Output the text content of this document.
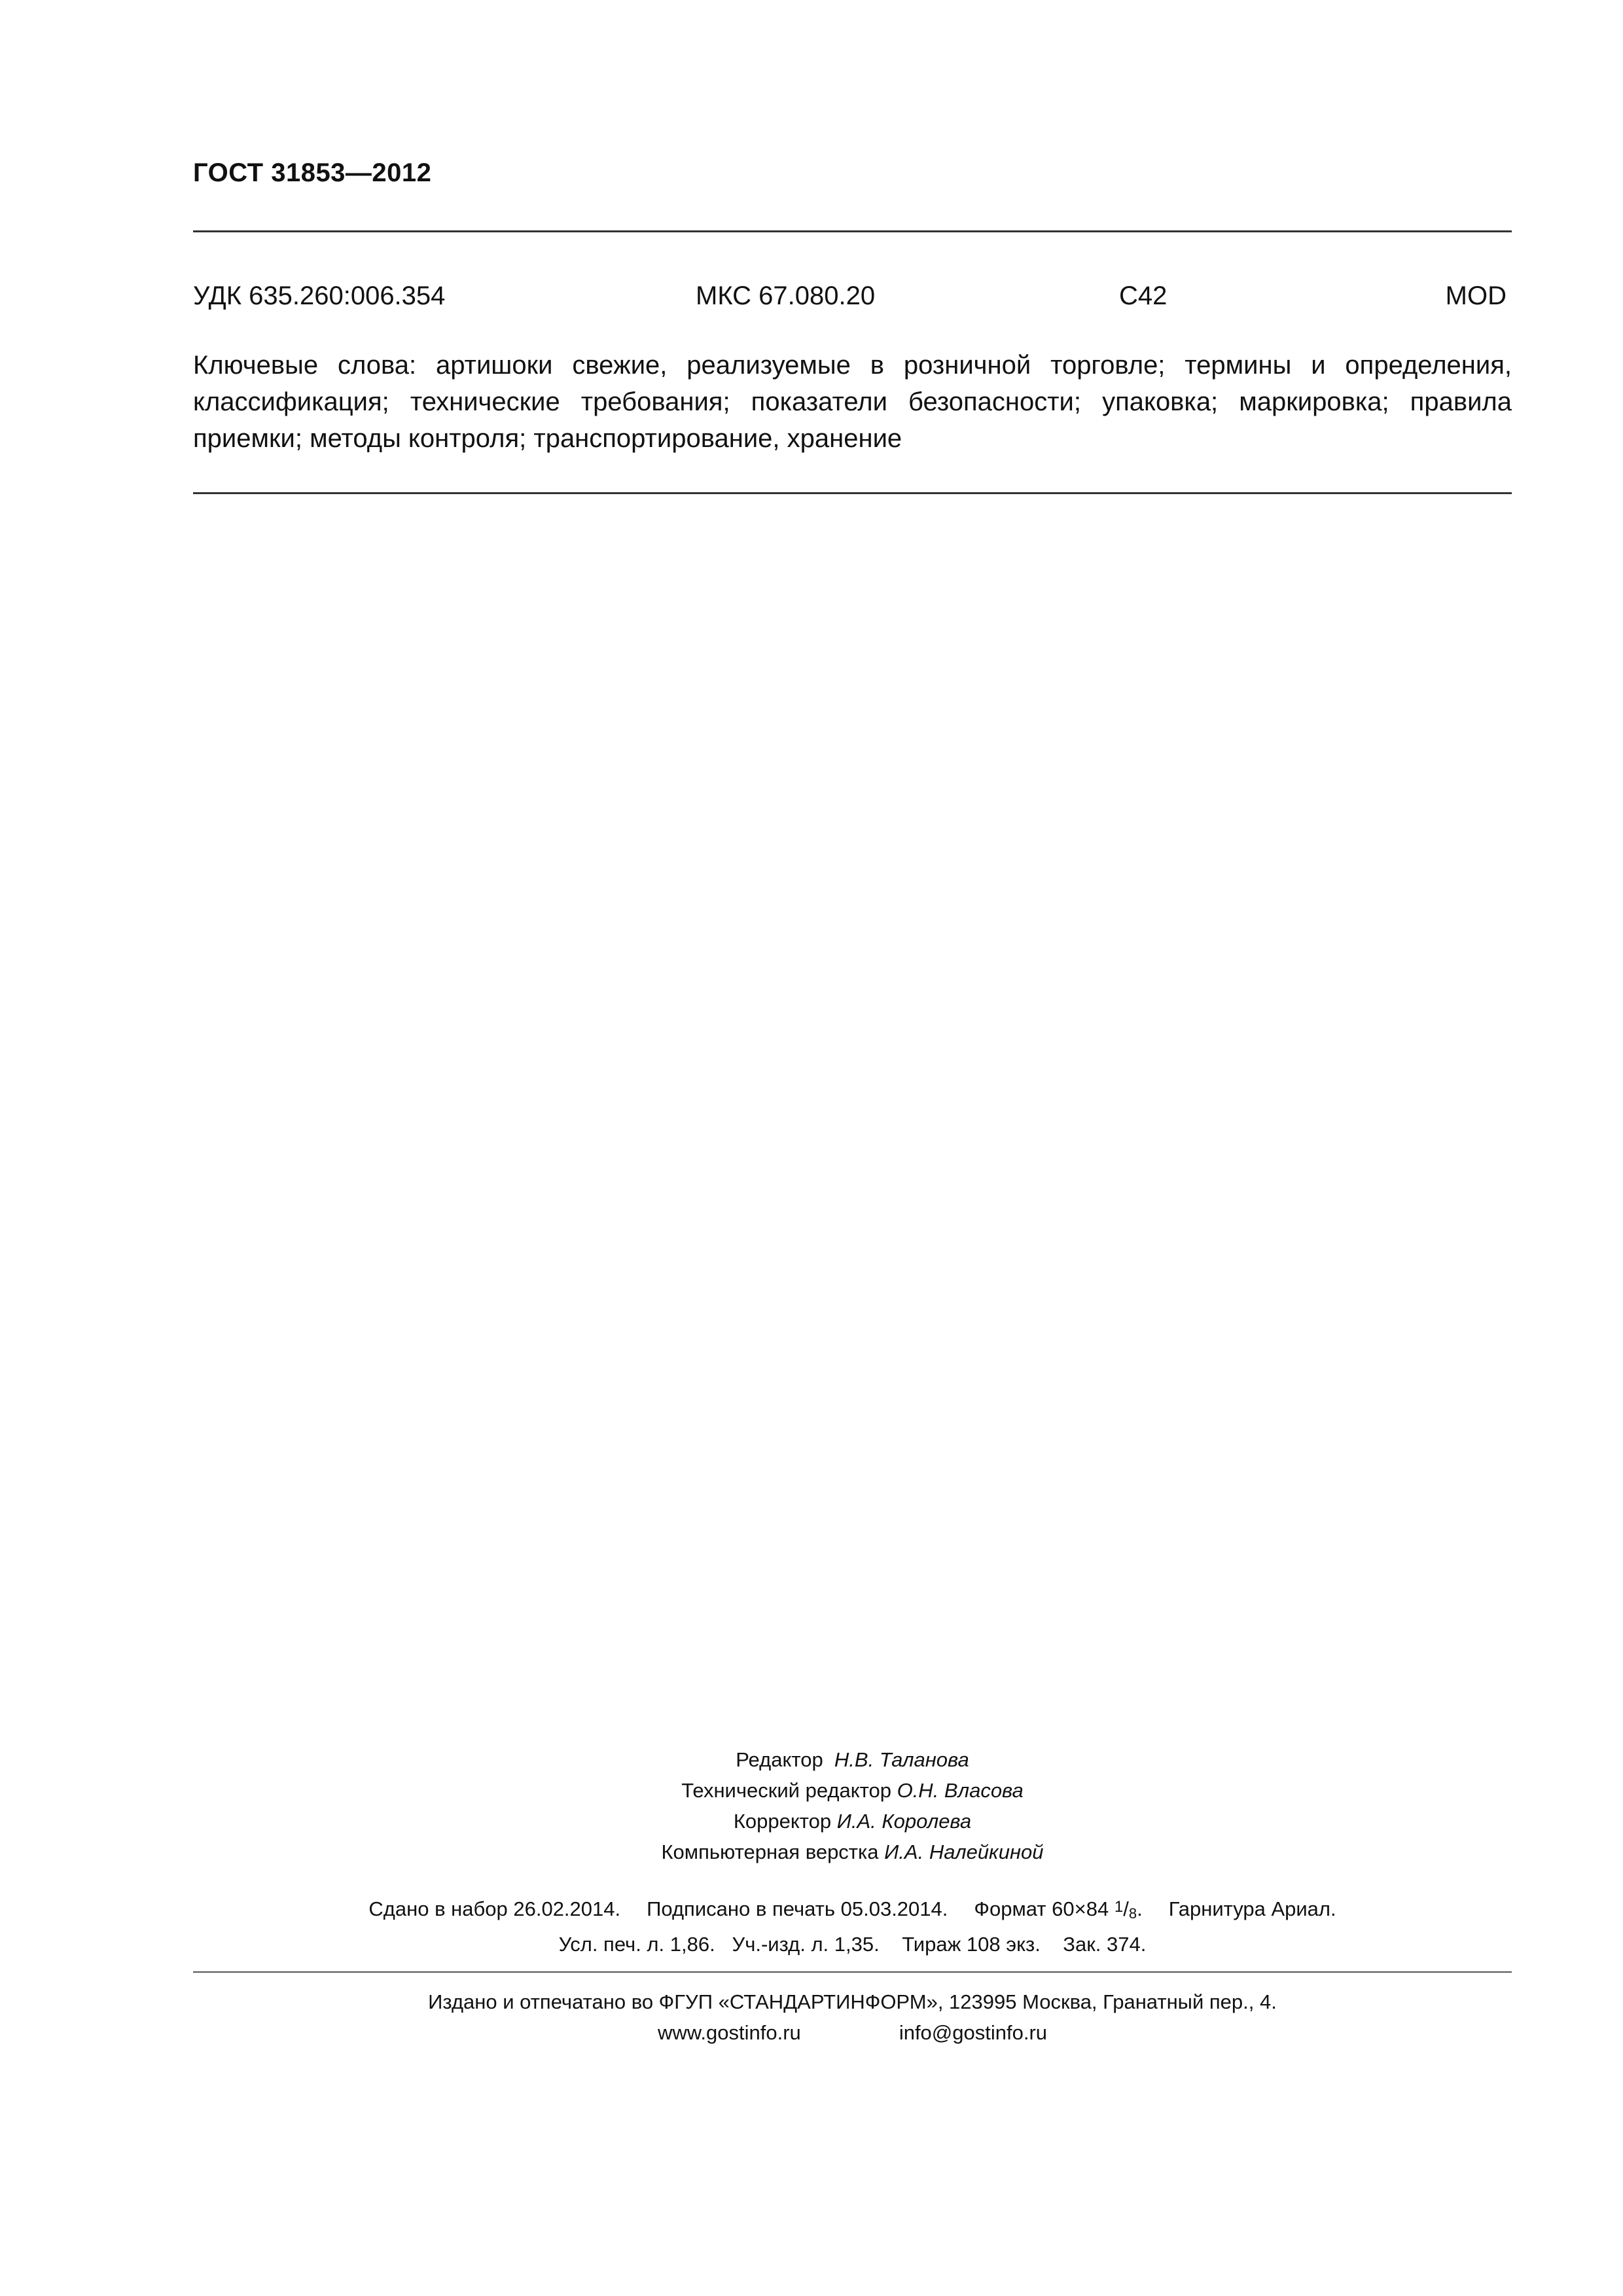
ГОСТ 31853—2012
УДК 635.260:006.354	МКС 67.080.20	С42	MOD
Ключевые слова: артишоки свежие, реализуемые в розничной торговле; термины и определения, классификация; технические требования; показатели безопасности; упаковка; маркировка; правила приемки; методы контроля; транспортирование, хранение
Редактор Н.В. Таланова
Технический редактор О.Н. Власова
Корректор И.А. Королева
Компьютерная верстка И.А. Налейкиной
Сдано в набор 26.02.2014. Подписано в печать 05.03.2014. Формат 60×84 1/8. Гарнитура Ариал.
Усл. печ. л. 1,86. Уч.-изд. л. 1,35. Тираж 108 экз. Зак. 374.
Издано и отпечатано во ФГУП «СТАНДАРТИНФОРМ», 123995 Москва, Гранатный пер., 4.
www.gostinfo.ru	info@gostinfo.ru
